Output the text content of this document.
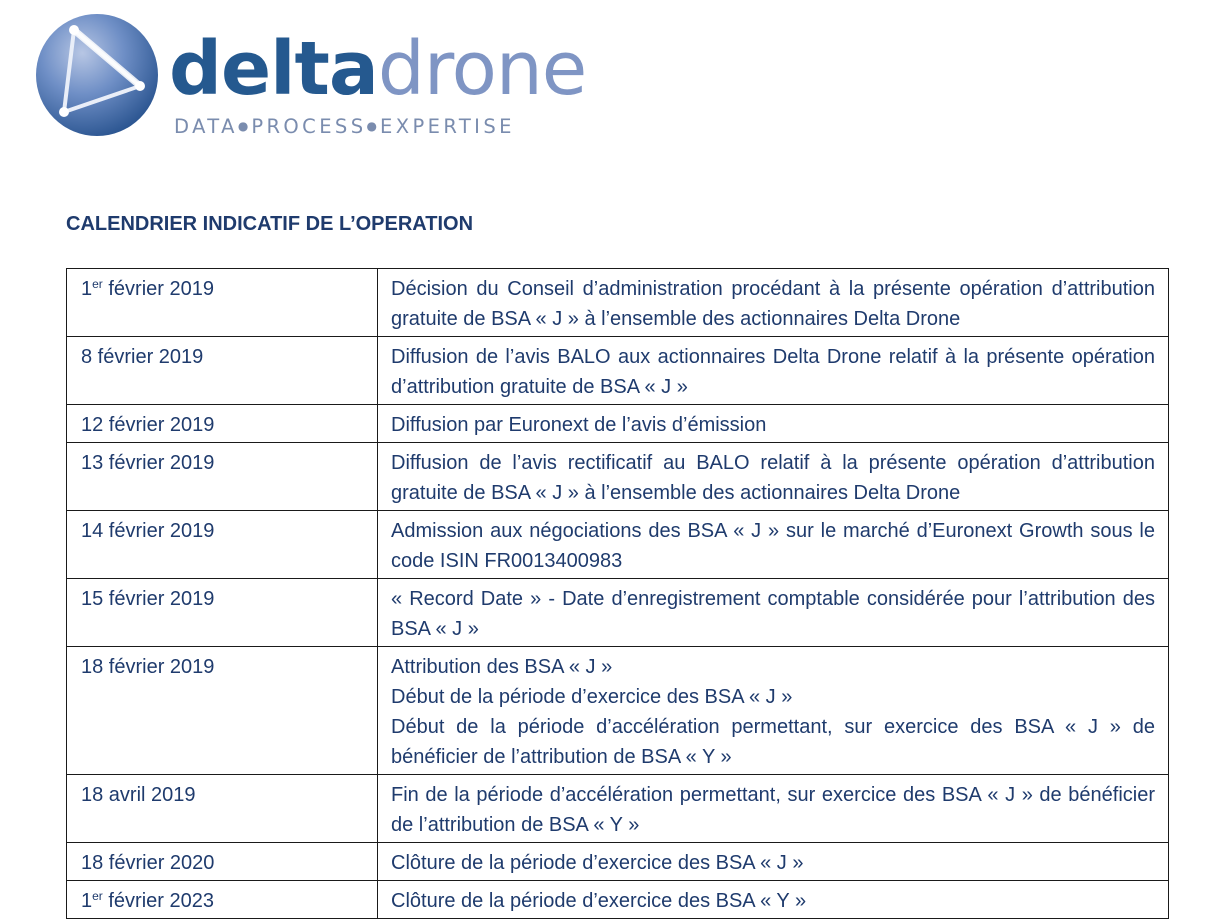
deltadrone
DATA● PROCESS● EXPERTISE
CALENDRIER INDICATIF DE L’OPERATION
1er février 2019	Décision du Conseil d’administration procédant à la présente opération d’attribution gratuite de BSA « J » à l’ensemble des actionnaires Delta Drone

8 février 2019	Diffusion de l’avis BALO aux actionnaires Delta Drone relatif à la présente opération d’attribution gratuite de BSA « J »

12 février 2019	Diffusion par Euronext de l’avis d’émission

13 février 2019	Diffusion de l’avis rectificatif au BALO relatif à la présente opération d’attribution gratuite de BSA « J » à l’ensemble des actionnaires Delta Drone

14 février 2019	Admission aux négociations des BSA « J » sur le marché d’Euronext Growth sous le code ISIN FR0013400983

15 février 2019	« Record Date » - Date d’enregistrement comptable considérée pour l’attribution des BSA « J »

18 février 2019	Attribution des BSA « J »
Début de la période d’exercice des BSA « J »
Début de la période d’accélération permettant, sur exercice des BSA « J » de bénéficier de l’attribution de BSA « Y »

18 avril 2019	Fin de la période d’accélération permettant, sur exercice des BSA « J » de bénéficier de l’attribution de BSA « Y »

18 février 2020	Clôture de la période d’exercice des BSA « J »

1er février 2023	Clôture de la période d’exercice des BSA « Y »
